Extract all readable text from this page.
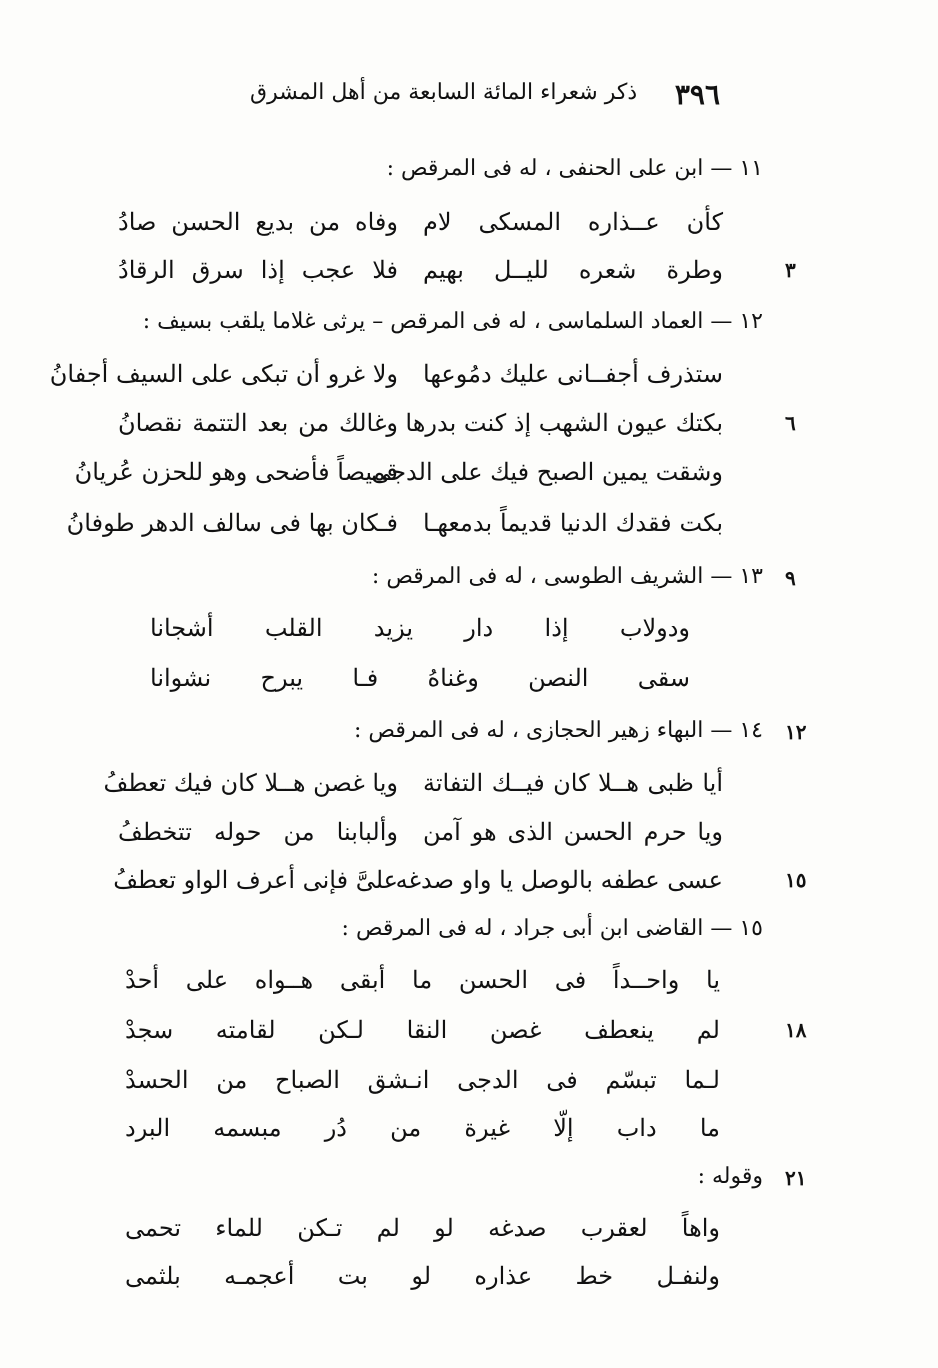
ذكر شعراء المائة السابعة من أهل المشرق ٣٩٦
١١ — ابن على الحنفى ، له فى المرقص :
كأن عــذاره المسكى لام
وفاه من بديع الحسن صادُ
٣
وطرة شعره لليــل بهيم
فلا عجب إذا سرق الرقادُ
١٢ — العماد السلماسى ، له فى المرقص – يرثى غلاما يلقب بسيف :
ستذرف أجفــانى عليك دمُوعها
ولا غرو أن تبكى على السيف أجفانُ
٦
بكتك عيون الشهب إذ كنت بدرها
وغالك من بعد التتمة نقصانُ
وشقت يمين الصبح فيك على الدجى
قميصاً فأضحى وهو للحزن عُريانُ
بكت فقدك الدنيا قديماً بدمعهـا
فـكان بها فى سالف الدهر طوفانُ
٩
١٣ — الشريف الطوسى ، له فى المرقص :
ودولاب إذا دار يزيد القلب أشجانا
سقى النصن وغناهُ فـا يبرح نشوانا
١٢
١٤ — البهاء زهير الحجازى ، له فى المرقص :
أيا ظبى هــلا كان فيــك التفاتة
ويا غصن هــلا كان فيك تعطفُ
ويا حرم الحسن الذى هو آمن
وألبابنا من حوله تتخطفُ
١٥
عسى عطفه بالوصل يا واو صدغه
علىَّ فإنى أعرف الواو تعطفُ
١٥ — القاضى ابن أبى جراد ، له فى المرقص :
يا واحــداً فى الحسن ما أبقى هــواه على أحدْ
١٨
لم ينعطف غصن النقا لـكن لقامته سجدْ
لـما تبسّم فى الدجى انـشق الصباح من الحسدْ
ما داب إلّا غيرة من دُر مبسمه البرد
٢١
وقوله :
واهاً لعقرب صدغه لو لم تـكن للماء تحمى
ولنفـل خط عذاره لو بت أعجمـه بلثمى
